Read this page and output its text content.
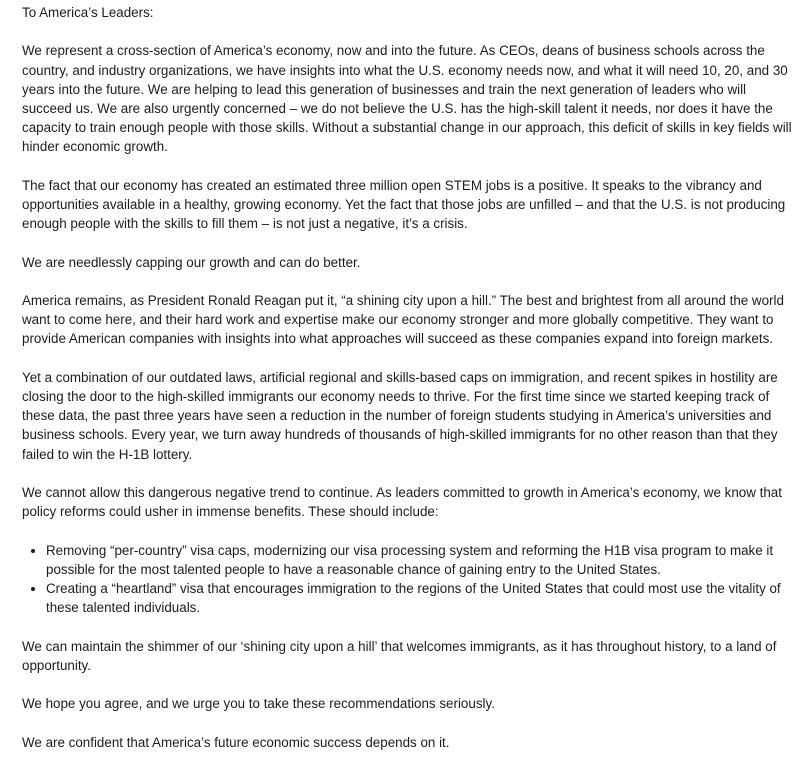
To America’s Leaders:

We represent a cross-section of America’s economy, now and into the future. As CEOs, deans of business schools across the country, and industry organizations, we have insights into what the U.S. economy needs now, and what it will need 10, 20, and 30 years into the future. We are helping to lead this generation of businesses and train the next generation of leaders who will succeed us. We are also urgently concerned – we do not believe the U.S. has the high-skill talent it needs, nor does it have the capacity to train enough people with those skills. Without a substantial change in our approach, this deficit of skills in key fields will hinder economic growth.

The fact that our economy has created an estimated three million open STEM jobs is a positive. It speaks to the vibrancy and opportunities available in a healthy, growing economy. Yet the fact that those jobs are unfilled – and that the U.S. is not producing enough people with the skills to fill them – is not just a negative, it’s a crisis.

We are needlessly capping our growth and can do better.

America remains, as President Ronald Reagan put it, “a shining city upon a hill.” The best and brightest from all around the world want to come here, and their hard work and expertise make our economy stronger and more globally competitive. They want to provide American companies with insights into what approaches will succeed as these companies expand into foreign markets.

Yet a combination of our outdated laws, artificial regional and skills-based caps on immigration, and recent spikes in hostility are closing the door to the high-skilled immigrants our economy needs to thrive. For the first time since we started keeping track of these data, the past three years have seen a reduction in the number of foreign students studying in America’s universities and business schools. Every year, we turn away hundreds of thousands of high-skilled immigrants for no other reason than that they failed to win the H-1B lottery.

We cannot allow this dangerous negative trend to continue. As leaders committed to growth in America’s economy, we know that policy reforms could usher in immense benefits. These should include:

• Removing “per-country” visa caps, modernizing our visa processing system and reforming the H1B visa program to make it possible for the most talented people to have a reasonable chance of gaining entry to the United States.
• Creating a “heartland” visa that encourages immigration to the regions of the United States that could most use the vitality of these talented individuals.

We can maintain the shimmer of our ‘shining city upon a hill’ that welcomes immigrants, as it has throughout history, to a land of opportunity.

We hope you agree, and we urge you to take these recommendations seriously.

We are confident that America’s future economic success depends on it.
